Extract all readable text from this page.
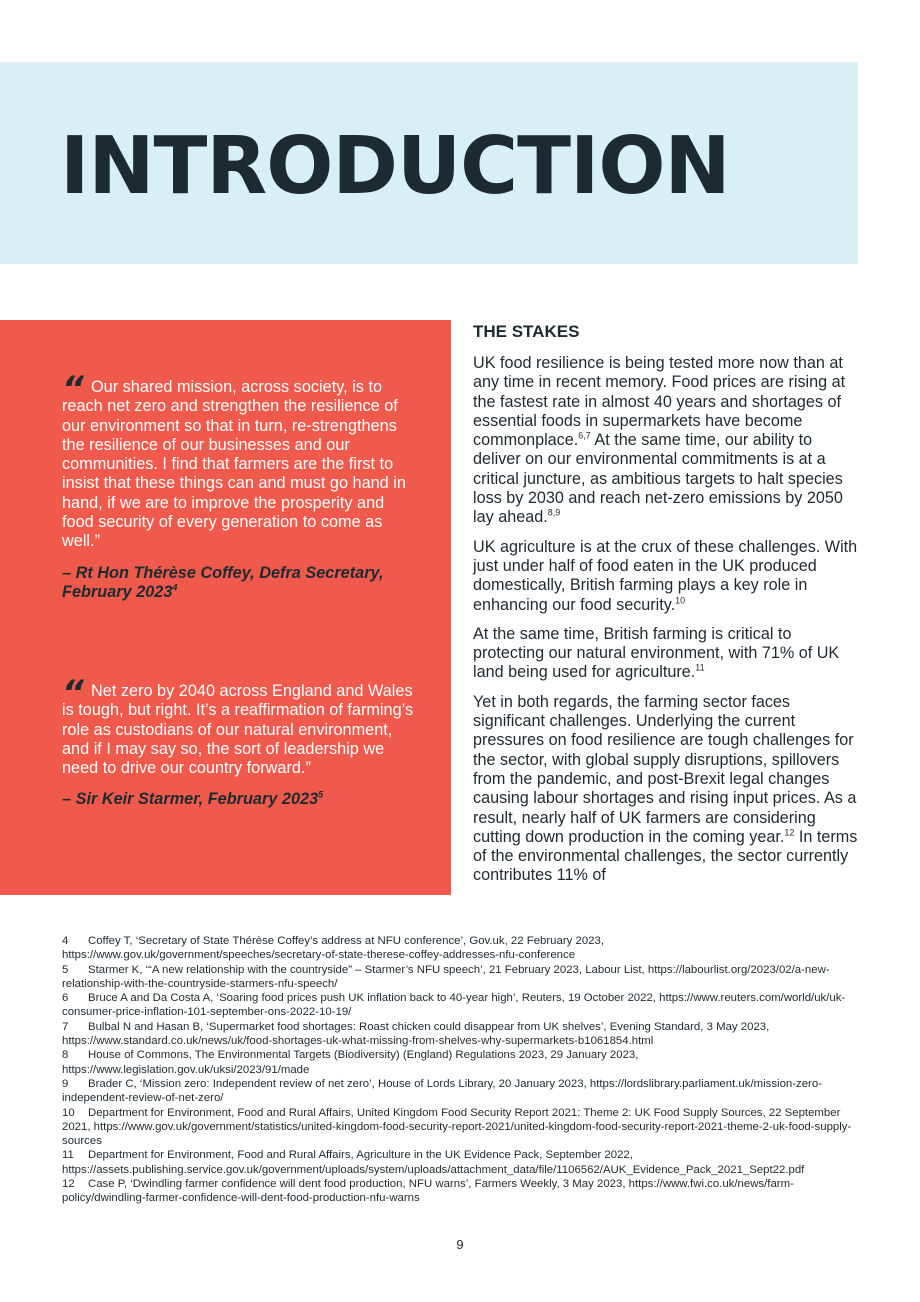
INTRODUCTION
“ Our shared mission, across society, is to reach net zero and strengthen the resilience of our environment so that in turn, re-strengthens the resilience of our businesses and our communities. I find that farmers are the first to insist that these things can and must go hand in hand, if we are to improve the prosperity and food security of every generation to come as well.”

– Rt Hon Thérèse Coffey, Defra Secretary, February 2023$^4$

“ Net zero by 2040 across England and Wales is tough, but right. It’s a reaffirmation of farming’s role as custodians of our natural environment, and if I may say so, the sort of leadership we need to drive our country forward.”

– Sir Keir Starmer, February 2023$^5$

THE STAKES

UK food resilience is being tested more now than at any time in recent memory. Food prices are rising at the fastest rate in almost 40 years and shortages of essential foods in supermarkets have become commonplace.$^{6,7}$ At the same time, our ability to deliver on our environmental commitments is at a critical juncture, as ambitious targets to halt species loss by 2030 and reach net-zero emissions by 2050 lay ahead.$^{8,9}$

UK agriculture is at the crux of these challenges. With just under half of food eaten in the UK produced domestically, British farming plays a key role in enhancing our food security.$^{10}$

At the same time, British farming is critical to protecting our natural environment, with 71% of UK land being used for agriculture.$^{11}$

Yet in both regards, the farming sector faces significant challenges. Underlying the current pressures on food resilience are tough challenges for the sector, with global supply disruptions, spillovers from the pandemic, and post-Brexit legal changes causing labour shortages and rising input prices. As a result, nearly half of UK farmers are considering cutting down production in the coming year.$^{12}$ In terms of the environmental challenges, the sector currently contributes 11% of

4 Coffey T, ‘Secretary of State Thérèse Coffey’s address at NFU conference’, Gov.uk, 22 February 2023, https://www.gov.uk/government/speeches/secretary-of-state-therese-coffey-addresses-nfu-conference

5 Starmer K, ‘“A new relationship with the countryside” – Starmer’s NFU speech’, 21 February 2023, Labour List, https://labourlist.org/2023/02/a-new-relationship-with-the-countryside-starmers-nfu-speech/

6 Bruce A and Da Costa A, ‘Soaring food prices push UK inflation back to 40-year high’, Reuters, 19 October 2022, https://www.reuters.com/world/uk/uk-consumer-price-inflation-101-september-ons-2022-10-19/

7 Bulbal N and Hasan B, ‘Supermarket food shortages: Roast chicken could disappear from UK shelves’, Evening Standard, 3 May 2023, https://www.standard.co.uk/news/uk/food-shortages-uk-what-missing-from-shelves-why-supermarkets-b1061854.html

8 House of Commons, The Environmental Targets (Biodiversity) (England) Regulations 2023, 29 January 2023, https://www.legislation.gov.uk/uksi/2023/91/made

9 Brader C, ‘Mission zero: Independent review of net zero’, House of Lords Library, 20 January 2023, https://lordslibrary.parliament.uk/mission-zero-independent-review-of-net-zero/

10 Department for Environment, Food and Rural Affairs, United Kingdom Food Security Report 2021: Theme 2: UK Food Supply Sources, 22 September 2021, https://www.gov.uk/government/statistics/united-kingdom-food-security-report-2021/united-kingdom-food-security-report-2021-theme-2-uk-food-supply-sources

11 Department for Environment, Food and Rural Affairs, Agriculture in the UK Evidence Pack, September 2022, https://assets.publishing.service.gov.uk/government/uploads/system/uploads/attachment_data/file/1106562/AUK_Evidence_Pack_2021_Sept22.pdf

12 Case P, ‘Dwindling farmer confidence will dent food production, NFU warns’, Farmers Weekly, 3 May 2023, https://www.fwi.co.uk/news/farm-policy/dwindling-farmer-confidence-will-dent-food-production-nfu-warns

9
